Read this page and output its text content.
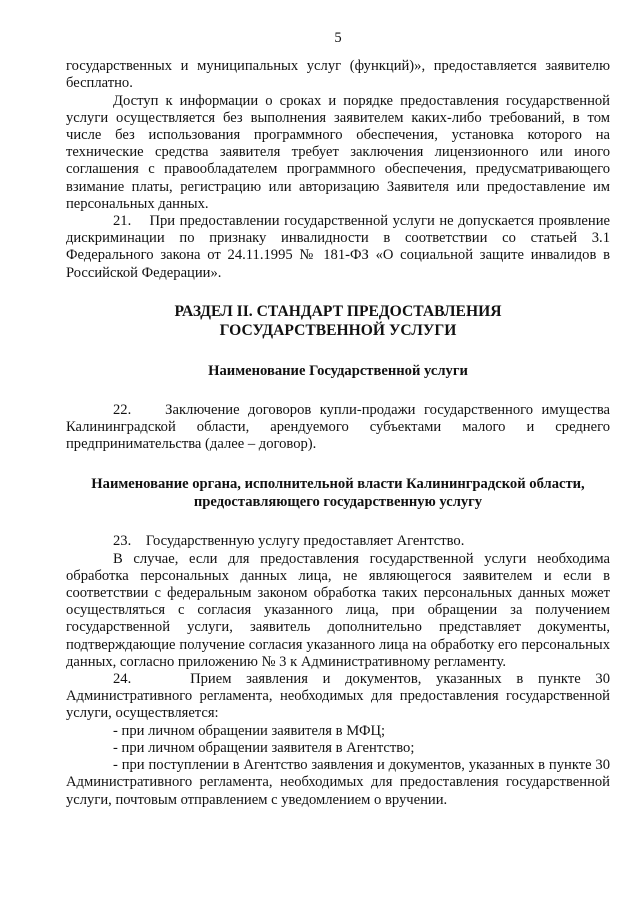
5

государственных и муниципальных услуг (функций)», предоставляется заявителю бесплатно.

Доступ к информации о сроках и порядке предоставления государственной услуги осуществляется без выполнения заявителем каких-либо требований, в том числе без использования программного обеспечения, установка которого на технические средства заявителя требует заключения лицензионного или иного соглашения с правообладателем программного обеспечения, предусматривающего взимание платы, регистрацию или авторизацию Заявителя или предоставление им персональных данных.

21.    При предоставлении государственной услуги не допускается проявление дискриминации по признаку инвалидности в соответствии со статьей 3.1 Федерального закона от 24.11.1995 № 181-ФЗ «О социальной защите инвалидов в Российской Федерации».

РАЗДЕЛ II. СТАНДАРТ ПРЕДОСТАВЛЕНИЯ
ГОСУДАРСТВЕННОЙ УСЛУГИ
Наименование Государственной услуги

22.    Заключение договоров купли-продажи государственного имущества Калининградской области, арендуемого субъектами малого и среднего предпринимательства (далее – договор).

Наименование органа, исполнительной власти Калининградской области,
предоставляющего государственную услугу

23.    Государственную услугу предоставляет Агентство.

В случае, если для предоставления государственной услуги необходима обработка персональных данных лица, не являющегося заявителем и если в соответствии с федеральным законом обработка таких персональных данных может осуществляться с согласия указанного лица, при обращении за получением государственной услуги, заявитель дополнительно представляет документы, подтверждающие получение согласия указанного лица на обработку его персональных данных, согласно приложению № 3 к Административному регламенту.

24.    Прием заявления и документов, указанных в пункте 30 Административного регламента, необходимых для предоставления государственной услуги, осуществляется:

- при личном обращении заявителя в МФЦ;

- при личном обращении заявителя в Агентство;

- при поступлении в Агентство заявления и документов, указанных в пункте 30 Административного регламента, необходимых для предоставления государственной услуги, почтовым отправлением с уведомлением о вручении.
